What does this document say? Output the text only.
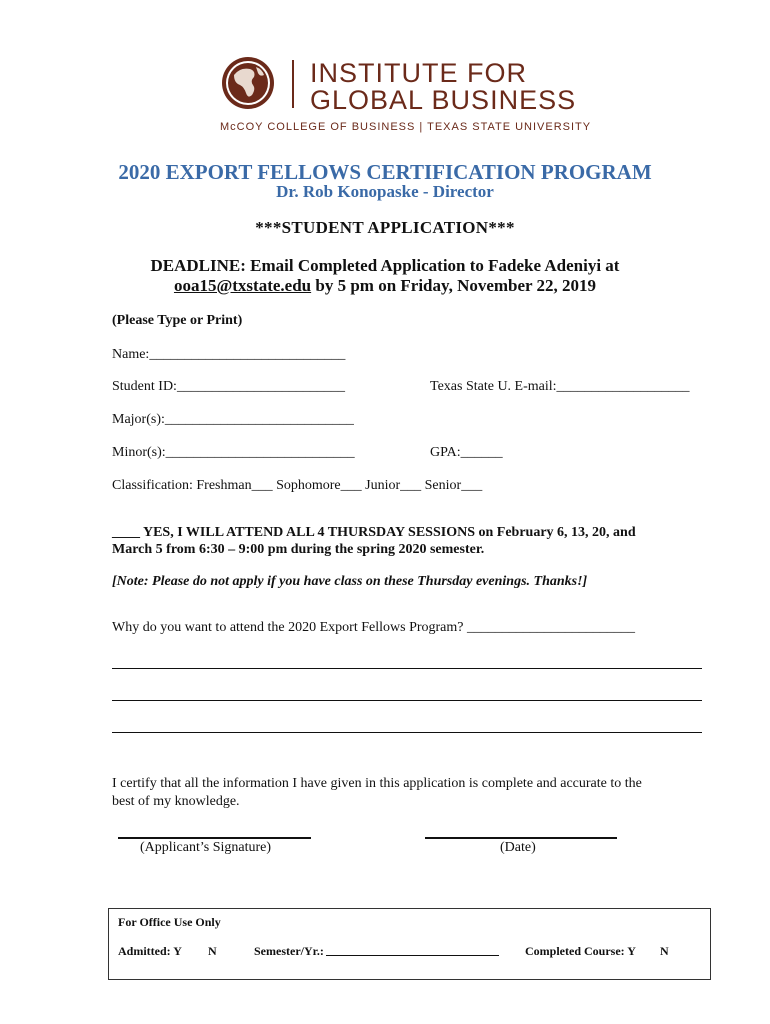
INSTITUTE FOR
GLOBAL BUSINESS
McCOY COLLEGE OF BUSINESS | TEXAS STATE UNIVERSITY
2020 EXPORT FELLOWS CERTIFICATION PROGRAM
Dr. Rob Konopaske - Director
***STUDENT APPLICATION***
DEADLINE: Email Completed Application to Fadeke Adeniyi at
ooa15@txstate.edu by 5 pm on Friday, November 22, 2019
(Please Type or Print)
Name:____________________________
Student ID:________________________	Texas State U. E-mail:___________________
Major(s):___________________________
Minor(s):___________________________	GPA:______
Classification: Freshman___ Sophomore___ Junior___ Senior___
____ YES, I WILL ATTEND ALL 4 THURSDAY SESSIONS on February 6, 13, 20, and
March 5 from 6:30 – 9:00 pm during the spring 2020 semester.
[Note: Please do not apply if you have class on these Thursday evenings. Thanks!]
Why do you want to attend the 2020 Export Fellows Program? ________________________
I certify that all the information I have given in this application is complete and accurate to the
best of my knowledge.
(Applicant’s Signature)	(Date)
For Office Use Only
Admitted: Y N	Semester/Yr.:	Completed Course: Y N
